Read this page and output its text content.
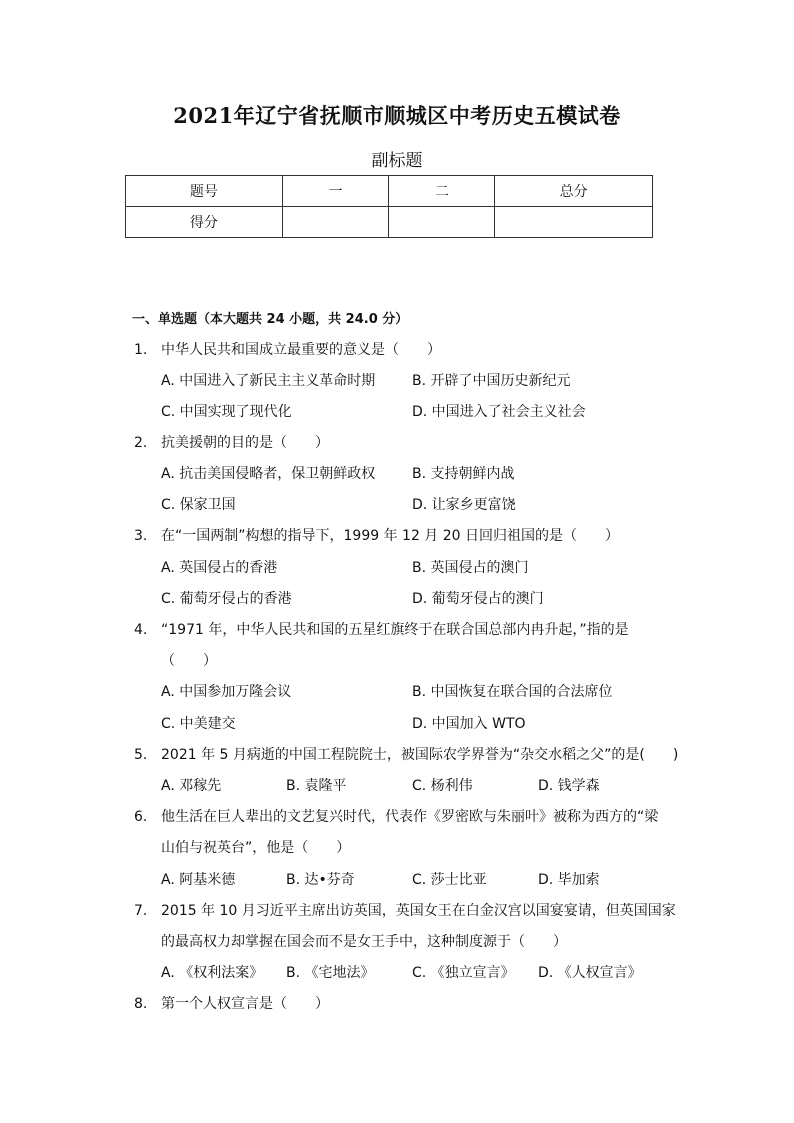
2021年辽宁省抚顺市顺城区中考历史五模试卷
副标题
题号	一	二	总分
得分			
一、单选题（本大题共 24 小题，共 24.0 分）
1. 中华人民共和国成立最重要的意义是（　　）
A. 中国进入了新民主主义革命时期	B. 开辟了中国历史新纪元
C. 中国实现了现代化	D. 中国进入了社会主义社会
2. 抗美援朝的目的是（　　）
A. 抗击美国侵略者，保卫朝鲜政权	B. 支持朝鲜内战
C. 保家卫国	D. 让家乡更富饶
3. 在“一国两制”构想的指导下，1999 年 12 月 20 日回归祖国的是（　　）
A. 英国侵占的香港	B. 英国侵占的澳门
C. 葡萄牙侵占的香港	D. 葡萄牙侵占的澳门
4. “1971 年，中华人民共和国的五星红旗终于在联合国总部内冉升起，”指的是
（　　）
A. 中国参加万隆会议	B. 中国恢复在联合国的合法席位
C. 中美建交	D. 中国加入 WTO
5. 2021 年 5 月病逝的中国工程院院士，被国际农学界誉为“杂交水稻之父”的是(　　)
A. 邓稼先	B. 袁隆平	C. 杨利伟	D. 钱学森
6. 他生活在巨人辈出的文艺复兴时代，代表作《罗密欧与朱丽叶》被称为西方的“梁
山伯与祝英台”，他是（　　）
A. 阿基米德	B. 达•芬奇	C. 莎士比亚	D. 毕加索
7. 2015 年 10 月习近平主席出访英国，英国女王在白金汉宫以国宴宴请，但英国国家
的最高权力却掌握在国会而不是女王手中，这种制度源于（　　）
A. 《权利法案》 B. 《宅地法》	C. 《独立宣言》 D. 《人权宣言》
8. 第一个人权宣言是（　　）
